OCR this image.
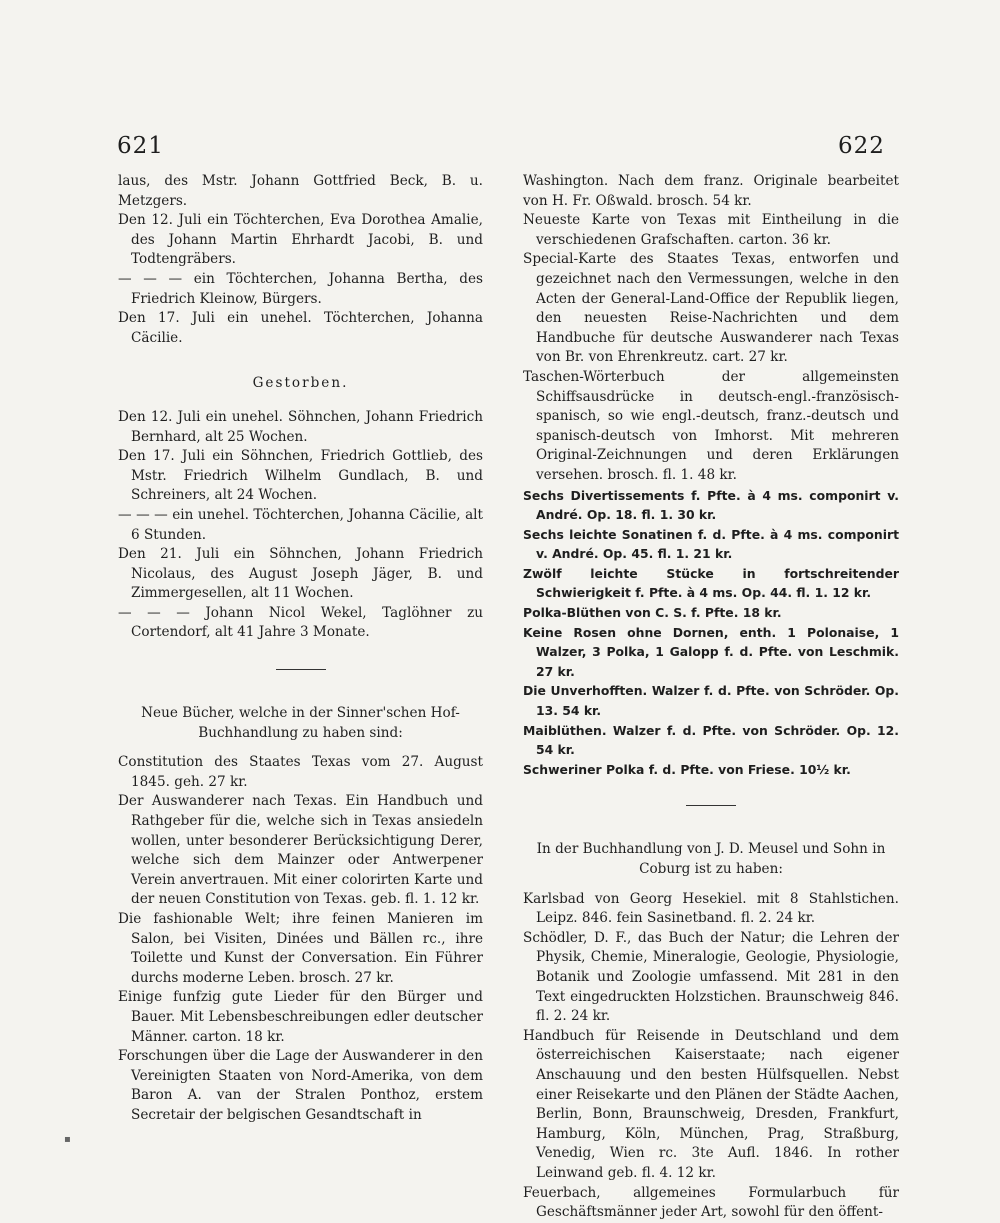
621	622
laus, des Mstr. Johann Gottfried Beck, B. u. Metzgers.
Den 12. Juli ein Töchterchen, Eva Dorothea Amalie, des Johann Martin Ehrhardt Jacobi, B. und Todtengräbers.
— — — ein Töchterchen, Johanna Bertha, des Friedrich Kleinow, Bürgers.
Den 17. Juli ein unehel. Töchterchen, Johanna Cäcilie.
Gestorben.
Den 12. Juli ein unehel. Söhnchen, Johann Friedrich Bernhard, alt 25 Wochen.
Den 17. Juli ein Söhnchen, Friedrich Gottlieb, des Mstr. Friedrich Wilhelm Gundlach, B. und Schreiners, alt 24 Wochen.
— — — ein unehel. Töchterchen, Johanna Cäcilie, alt 6 Stunden.
Den 21. Juli ein Söhnchen, Johann Friedrich Nicolaus, des August Joseph Jäger, B. und Zimmergesellen, alt 11 Wochen.
— — — Johann Nicol Wekel, Taglöhner zu Cortendorf, alt 41 Jahre 3 Monate.
Neue Bücher, welche in der Sinner'schen Hof-Buchhandlung zu haben sind:
Constitution des Staates Texas vom 27. August 1845. geh. 27 kr.
Der Auswanderer nach Texas. Ein Handbuch und Rathgeber für die, welche sich in Texas ansiedeln wollen, unter besonderer Berücksichtigung Derer, welche sich dem Mainzer oder Antwerpener Verein anvertrauen. Mit einer colorirten Karte und der neuen Constitution von Texas. geb. fl. 1. 12 kr.
Die fashionable Welt; ihre feinen Manieren im Salon, bei Visiten, Dinées und Bällen rc., ihre Toilette und Kunst der Conversation. Ein Führer durchs moderne Leben. brosch. 27 kr.
Einige funfzig gute Lieder für den Bürger und Bauer. Mit Lebensbeschreibungen edler deutscher Männer. carton. 18 kr.
Forschungen über die Lage der Auswanderer in den Vereinigten Staaten von Nord-Amerika, von dem Baron A. van der Stralen Ponthoz, erstem Secretair der belgischen Gesandtschaft in
Washington. Nach dem franz. Originale bearbeitet von H. Fr. Oßwald. brosch. 54 kr.
Neueste Karte von Texas mit Eintheilung in die verschiedenen Grafschaften. carton. 36 kr.
Special-Karte des Staates Texas, entworfen und gezeichnet nach den Vermessungen, welche in den Acten der General-Land-Office der Republik liegen, den neuesten Reise-Nachrichten und dem Handbuche für deutsche Auswanderer nach Texas von Br. von Ehrenkreutz. cart. 27 kr.
Taschen-Wörterbuch der allgemeinsten Schiffsausdrücke in deutsch-engl.-französisch-spanisch, so wie engl.-deutsch, franz.-deutsch und spanisch-deutsch von Imhorst. Mit mehreren Original-Zeichnungen und deren Erklärungen versehen. brosch. fl. 1. 48 kr.
Sechs Divertissements f. Pfte. à 4 ms. componirt v. André. Op. 18. fl. 1. 30 kr.
Sechs leichte Sonatinen f. d. Pfte. à 4 ms. componirt v. André. Op. 45. fl. 1. 21 kr.
Zwölf leichte Stücke in fortschreitender Schwierigkeit f. Pfte. à 4 ms. Op. 44. fl. 1. 12 kr.
Polka-Blüthen von C. S. f. Pfte. 18 kr.
Keine Rosen ohne Dornen, enth. 1 Polonaise, 1 Walzer, 3 Polka, 1 Galopp f. d. Pfte. von Leschmik. 27 kr.
Die Unverhofften. Walzer f. d. Pfte. von Schröder. Op. 13. 54 kr.
Maiblüthen. Walzer f. d. Pfte. von Schröder. Op. 12. 54 kr.
Schweriner Polka f. d. Pfte. von Friese. 10½ kr.
In der Buchhandlung von J. D. Meusel und Sohn in Coburg ist zu haben:
Karlsbad von Georg Hesekiel. mit 8 Stahlstichen. Leipz. 846. fein Sasinetband. fl. 2. 24 kr.
Schödler, D. F., das Buch der Natur; die Lehren der Physik, Chemie, Mineralogie, Geologie, Physiologie, Botanik und Zoologie umfassend. Mit 281 in den Text eingedruckten Holzstichen. Braunschweig 846. fl. 2. 24 kr.
Handbuch für Reisende in Deutschland und dem österreichischen Kaiserstaate; nach eigener Anschauung und den besten Hülfsquellen. Nebst einer Reisekarte und den Plänen der Städte Aachen, Berlin, Bonn, Braunschweig, Dresden, Frankfurt, Hamburg, Köln, München, Prag, Straßburg, Venedig, Wien rc. 3te Aufl. 1846. In rother Leinwand geb. fl. 4. 12 kr.
Feuerbach, allgemeines Formularbuch für Geschäftsmänner jeder Art, sowohl für den öffent-
▪
